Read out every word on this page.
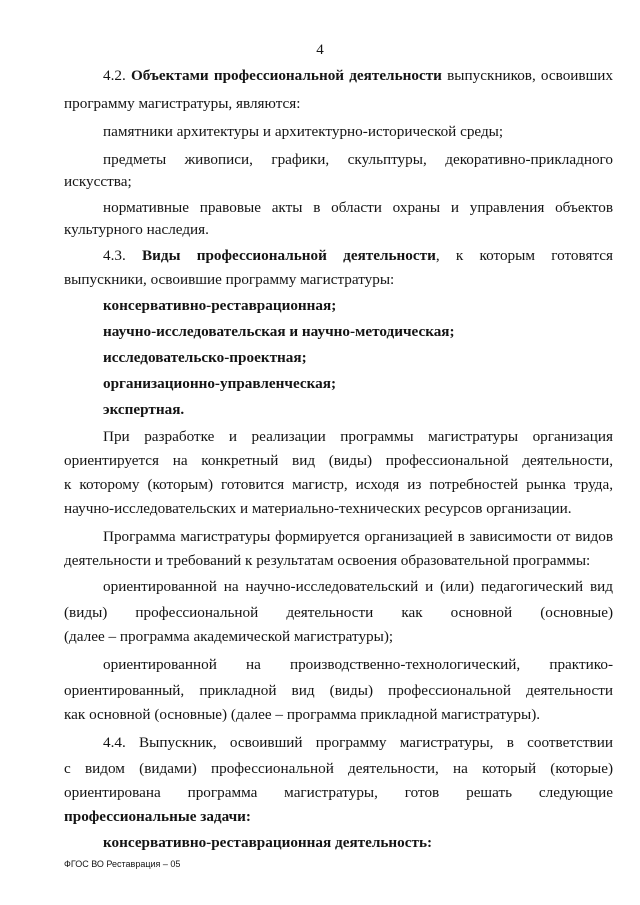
4
4.2. Объектами профессиональной деятельности выпускников, освоивших
программу магистратуры, являются:
памятники архитектуры и архитектурно-исторической среды;
предметы живописи, графики, скульптуры, декоративно-прикладного
искусства;
нормативные правовые акты в области охраны и управления объектов
культурного наследия.
4.3. Виды профессиональной деятельности, к которым готовятся
выпускники, освоившие программу магистратуры:
консервативно-реставрационная;
научно-исследовательская и научно-методическая;
исследовательско-проектная;
организационно-управленческая;
экспертная.
При разработке и реализации программы магистратуры организация
ориентируется на конкретный вид (виды) профессиональной деятельности,
к которому (которым) готовится магистр, исходя из потребностей рынка труда,
научно-исследовательских и материально-технических ресурсов организации.
Программа магистратуры формируется организацией в зависимости от видов
деятельности и требований к результатам освоения образовательной программы:
ориентированной на научно-исследовательский и (или) педагогический вид
(виды) профессиональной деятельности как основной (основные)
(далее – программа академической магистратуры);
ориентированной на производственно-технологический, практико-
ориентированный, прикладной вид (виды) профессиональной деятельности
как основной (основные) (далее – программа прикладной магистратуры).
4.4. Выпускник, освоивший программу магистратуры, в соответствии
с видом (видами) профессиональной деятельности, на который (которые)
ориентирована программа магистратуры, готов решать следующие
профессиональные задачи:
консервативно-реставрационная деятельность:
ФГОС ВО Реставрация – 05
